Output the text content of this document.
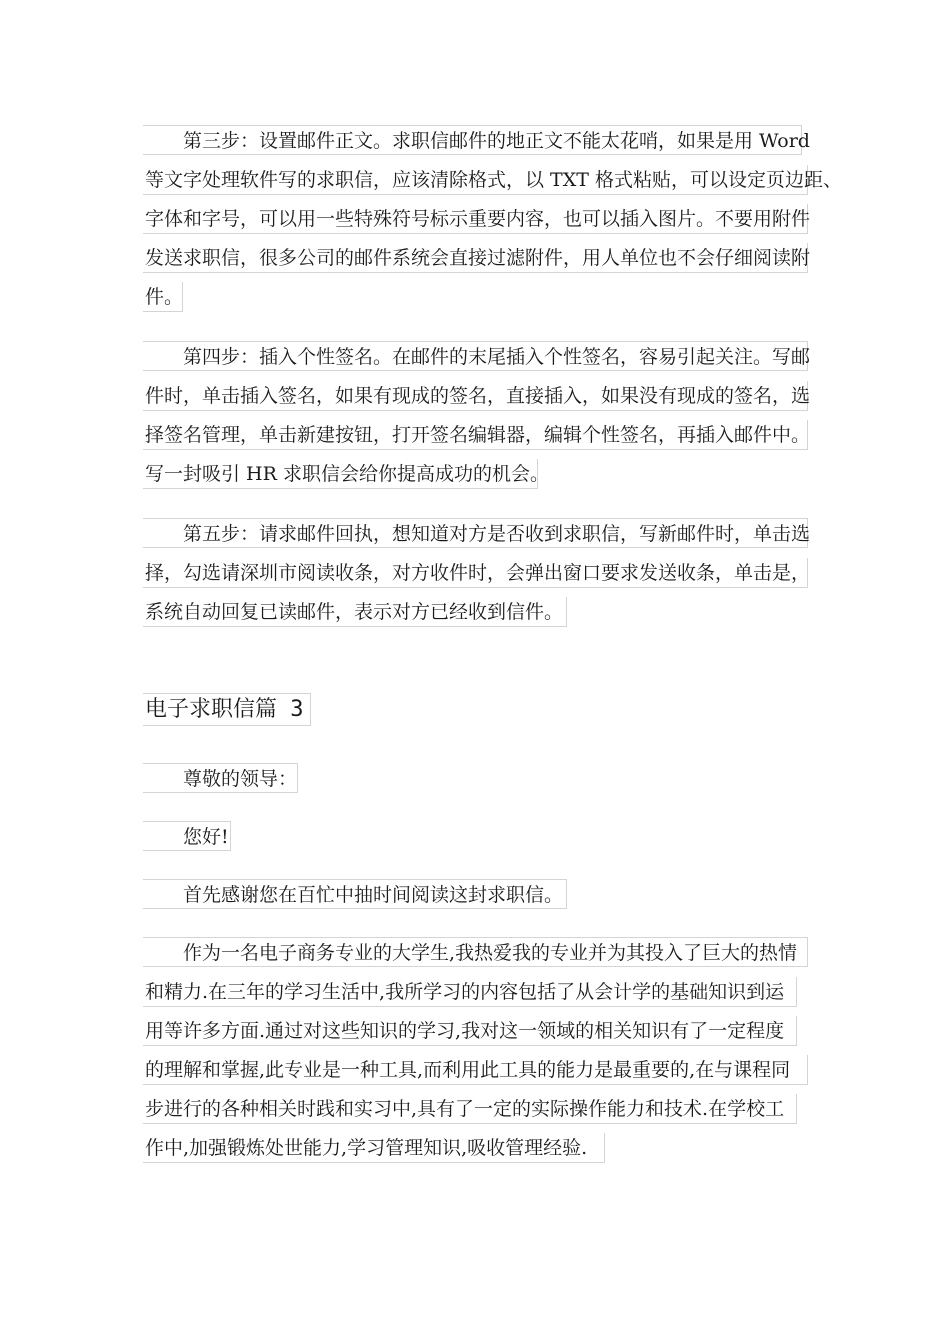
第三步：设置邮件正文。求职信邮件的地正文不能太花哨，如果是用 Word
等文字处理软件写的求职信，应该清除格式，以 TXT 格式粘贴，可以设定页边距、
字体和字号，可以用一些特殊符号标示重要内容，也可以插入图片。不要用附件
发送求职信，很多公司的邮件系统会直接过滤附件，用人单位也不会仔细阅读附
件。
第四步：插入个性签名。在邮件的末尾插入个性签名，容易引起关注。写邮
件时，单击插入签名，如果有现成的签名，直接插入，如果没有现成的签名，选
择签名管理，单击新建按钮，打开签名编辑器，编辑个性签名，再插入邮件中。
写一封吸引 HR 求职信会给你提高成功的机会。
第五步：请求邮件回执，想知道对方是否收到求职信，写新邮件时，单击选
择，勾选请深圳市阅读收条，对方收件时，会弹出窗口要求发送收条，单击是，
系统自动回复已读邮件，表示对方已经收到信件。
电子求职信篇 3
尊敬的领导：
您好!
首先感谢您在百忙中抽时间阅读这封求职信。
作为一名电子商务专业的大学生,我热爱我的专业并为其投入了巨大的热情
和精力.在三年的学习生活中,我所学习的内容包括了从会计学的基础知识到运
用等许多方面.通过对这些知识的学习,我对这一领域的相关知识有了一定程度
的理解和掌握,此专业是一种工具,而利用此工具的能力是最重要的,在与课程同
步进行的各种相关时践和实习中,具有了一定的实际操作能力和技术.在学校工
作中,加强锻炼处世能力,学习管理知识,吸收管理经验.
